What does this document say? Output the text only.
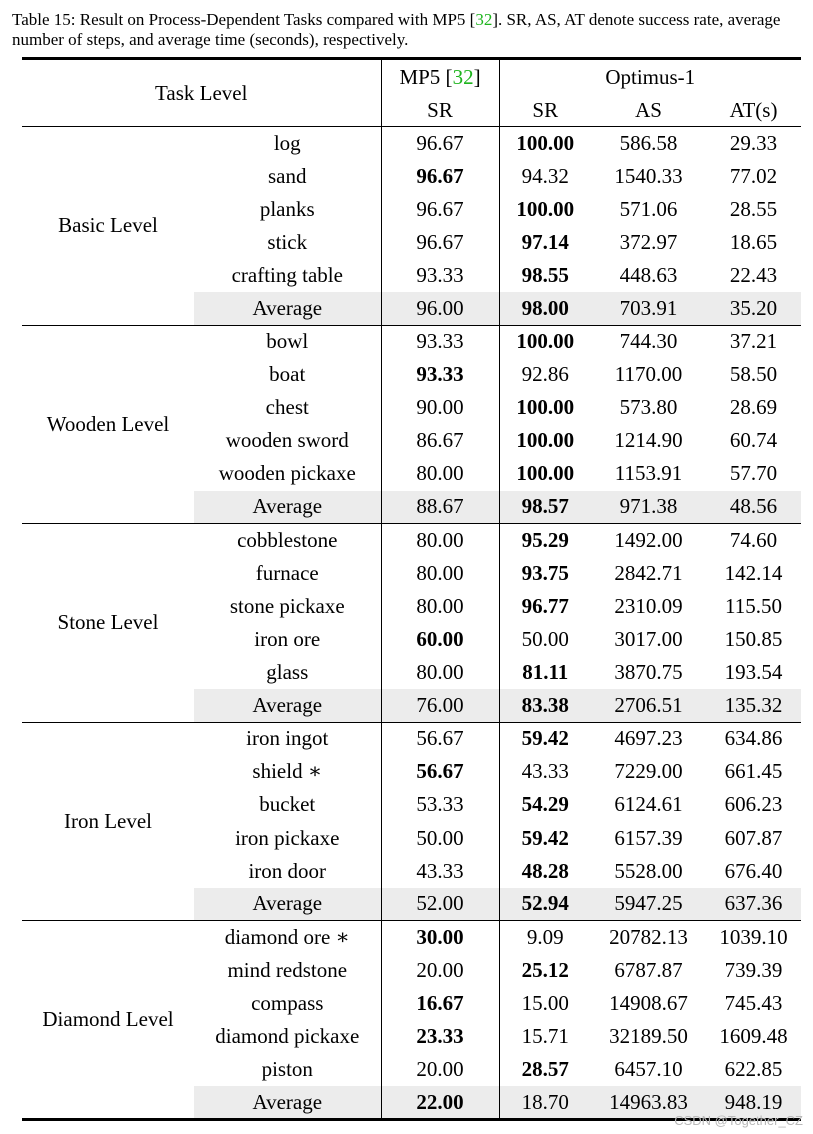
Table 15: Result on Process-Dependent Tasks compared with MP5 [32]. SR, AS, AT denote success rate, average number of steps, and average time (seconds), respectively.
Task Level		MP5 [32]	Optimus-1		
		SR	SR	AS	AT(s)
Basic Level	log	96.67	100.00	586.58	29.33
	sand	96.67	94.32	1540.33	77.02
	planks	96.67	100.00	571.06	28.55
	stick	96.67	97.14	372.97	18.65
	crafting table	93.33	98.55	448.63	22.43
	Average	96.00	98.00	703.91	35.20
Wooden Level	bowl	93.33	100.00	744.30	37.21
	boat	93.33	92.86	1170.00	58.50
	chest	90.00	100.00	573.80	28.69
	wooden sword	86.67	100.00	1214.90	60.74
	wooden pickaxe	80.00	100.00	1153.91	57.70
	Average	88.67	98.57	971.38	48.56
Stone Level	cobblestone	80.00	95.29	1492.00	74.60
	furnace	80.00	93.75	2842.71	142.14
	stone pickaxe	80.00	96.77	2310.09	115.50
	iron ore	60.00	50.00	3017.00	150.85
	glass	80.00	81.11	3870.75	193.54
	Average	76.00	83.38	2706.51	135.32
Iron Level	iron ingot	56.67	59.42	4697.23	634.86
	shield ∗	56.67	43.33	7229.00	661.45
	bucket	53.33	54.29	6124.61	606.23
	iron pickaxe	50.00	59.42	6157.39	607.87
	iron door	43.33	48.28	5528.00	676.40
	Average	52.00	52.94	5947.25	637.36
Diamond Level	diamond ore ∗	30.00	9.09	20782.13	1039.10
	mind redstone	20.00	25.12	6787.87	739.39
	compass	16.67	15.00	14908.67	745.43
	diamond pickaxe	23.33	15.71	32189.50	1609.48
	piston	20.00	28.57	6457.10	622.85
	Average	22.00	18.70	14963.83	948.19
CSDN @Together_CZ
